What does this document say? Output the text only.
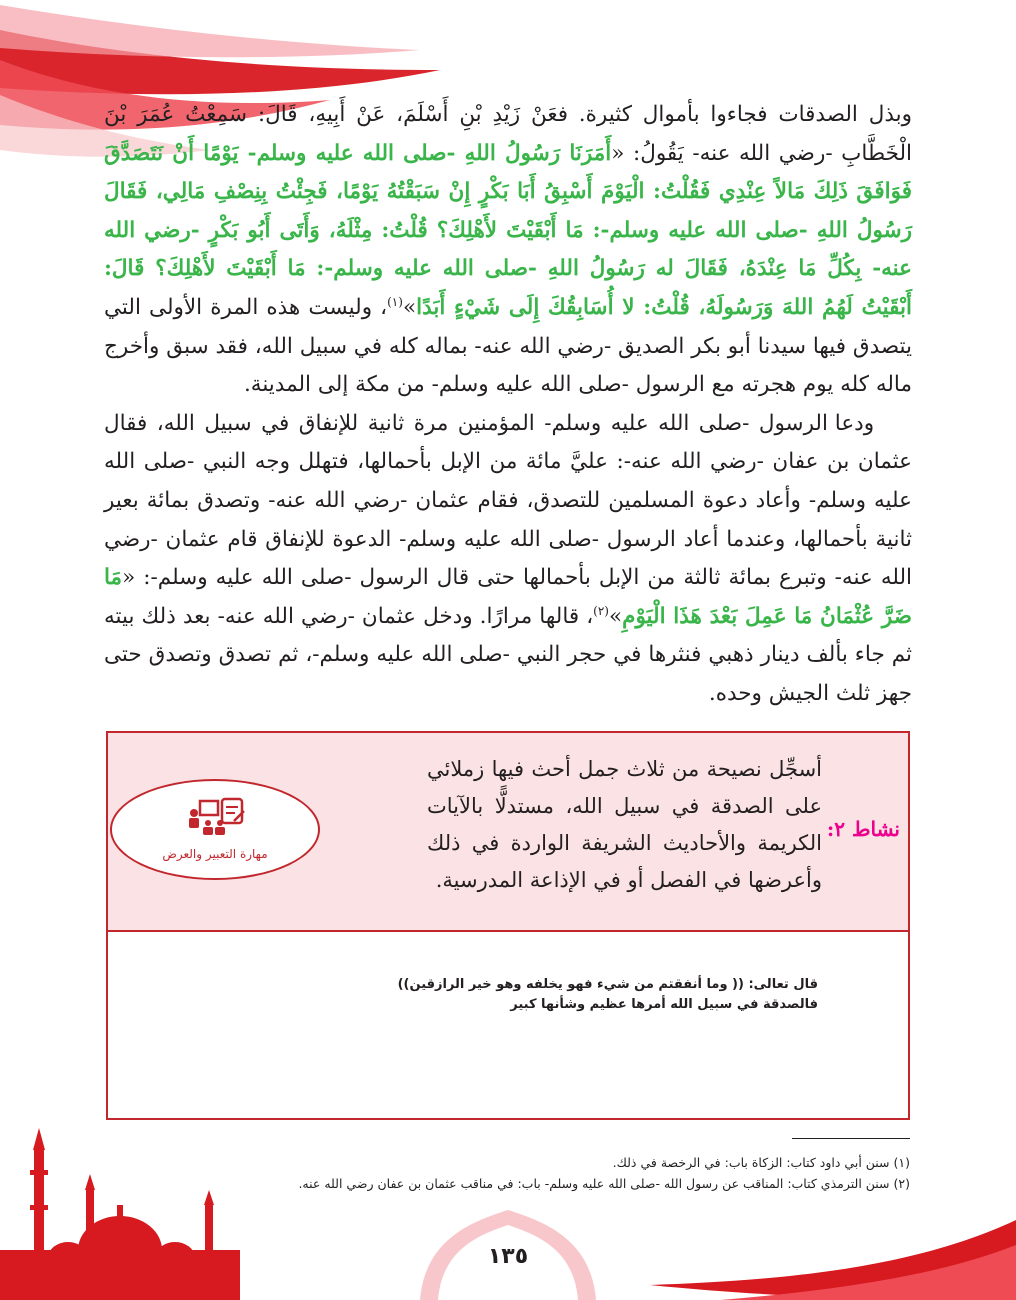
وبذل الصدقات فجاءوا بأموال كثيرة. فعَنْ زَيْدِ بْنِ أَسْلَمَ، عَنْ أَبِيهِ، قَالَ: سَمِعْتُ عُمَرَ بْنَ الْخَطَّابِ -رضي الله عنه- يَقُولُ: «أَمَرَنَا رَسُولُ اللهِ -صلى الله عليه وسلم- يَوْمًا أَنْ نَتَصَدَّقَ فَوَافَقَ ذَلِكَ مَالاً عِنْدِي فَقُلْتُ: الْيَوْمَ أَسْبِقُ أَبَا بَكْرٍ إِنْ سَبَقْتُهُ يَوْمًا، فَجِئْتُ بِنِصْفِ مَالِي، فَقَالَ رَسُولُ اللهِ -صلى الله عليه وسلم-: مَا أَبْقَيْتَ لأَهْلِكَ؟ قُلْتُ: مِثْلَهُ، وَأَتَى أَبُو بَكْرٍ -رضي الله عنه- بِكُلِّ مَا عِنْدَهُ، فَقَالَ له رَسُولُ اللهِ -صلى الله عليه وسلم-: مَا أَبْقَيْتَ لأَهْلِكَ؟ قَالَ: أَبْقَيْتُ لَهُمُ اللهَ وَرَسُولَهُ، قُلْتُ: لا أُسَابِقُكَ إِلَى شَيْءٍ أَبَدًا»$^{(١)}$، وليست هذه المرة الأولى التي يتصدق فيها سيدنا أبو بكر الصديق -رضي الله عنه- بماله كله في سبيل الله، فقد سبق وأخرج ماله كله يوم هجرته مع الرسول -صلى الله عليه وسلم- من مكة إلى المدينة.

ودعا الرسول -صلى الله عليه وسلم- المؤمنين مرة ثانية للإنفاق في سبيل الله، فقال عثمان بن عفان -رضي الله عنه-: عليَّ مائة من الإبل بأحمالها، فتهلل وجه النبي -صلى الله عليه وسلم- وأعاد دعوة المسلمين للتصدق، فقام عثمان -رضي الله عنه- وتصدق بمائة بعير ثانية بأحمالها، وعندما أعاد الرسول -صلى الله عليه وسلم- الدعوة للإنفاق قام عثمان -رضي الله عنه- وتبرع بمائة ثالثة من الإبل بأحمالها حتى قال الرسول -صلى الله عليه وسلم-: «مَا ضَرَّ عُثْمَانُ مَا عَمِلَ بَعْدَ هَذَا الْيَوْمِ»$^{(٢)}$، قالها مرارًا. ودخل عثمان -رضي الله عنه- بعد ذلك بيته ثم جاء بألف دينار ذهبي فنثرها في حجر النبي -صلى الله عليه وسلم-، ثم تصدق وتصدق حتى جهز ثلث الجيش وحده.

نشاط ٢:
أسجِّل نصيحة من ثلاث جمل أحث فيها زملائي على الصدقة في سبيل الله، مستدلًّا بالآيات الكريمة والأحاديث الشريفة الواردة في ذلك وأعرضها في الفصل أو في الإذاعة المدرسية.
مهارة التعبير والعرض
قال تعالى: (( وما أنفقتم من شيء فهو يخلفه وهو خير الرازقين))
فالصدقة في سبيل الله أمرها عظيم وشأنها كبير
(١) سنن أبي داود كتاب: الزكاة باب: في الرخصة في ذلك.
(٢) سنن الترمذي كتاب: المناقب عن رسول الله -صلى الله عليه وسلم- باب: في مناقب عثمان بن عفان رضي الله عنه.
١٣٥
